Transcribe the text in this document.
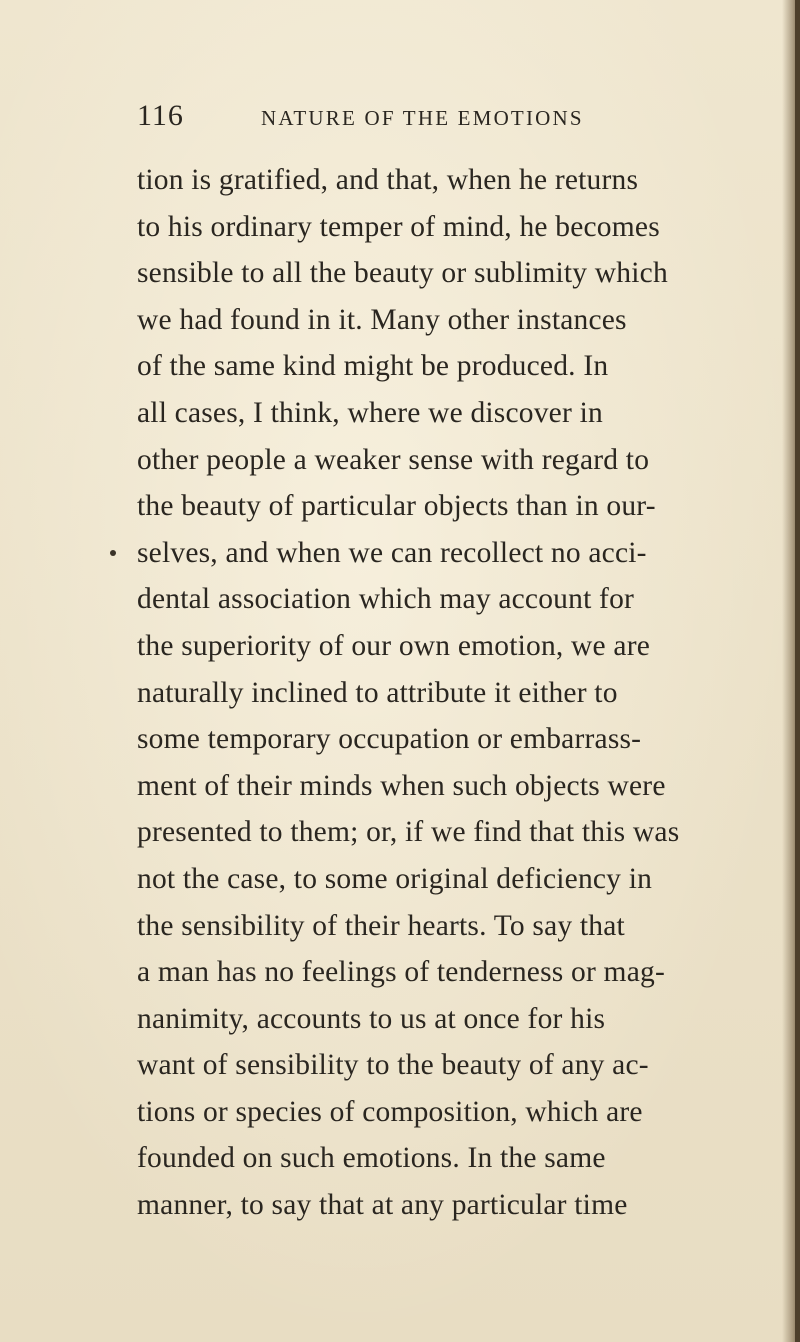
116	NATURE OF THE EMOTIONS
tion is gratified, and that, when he returns
to his ordinary temper of mind, he becomes
sensible to all the beauty or sublimity which
we had found in it. Many other instances
of the same kind might be produced. In
all cases, I think, where we discover in
other people a weaker sense with regard to
the beauty of particular objects than in our-
selves, and when we can recollect no acci-
dental association which may account for
the superiority of our own emotion, we are
naturally inclined to attribute it either to
some temporary occupation or embarrass-
ment of their minds when such objects were
presented to them; or, if we find that this was
not the case, to some original deficiency in
the sensibility of their hearts. To say that
a man has no feelings of tenderness or mag-
nanimity, accounts to us at once for his
want of sensibility to the beauty of any ac-
tions or species of composition, which are
founded on such emotions. In the same
manner, to say that at any particular time
